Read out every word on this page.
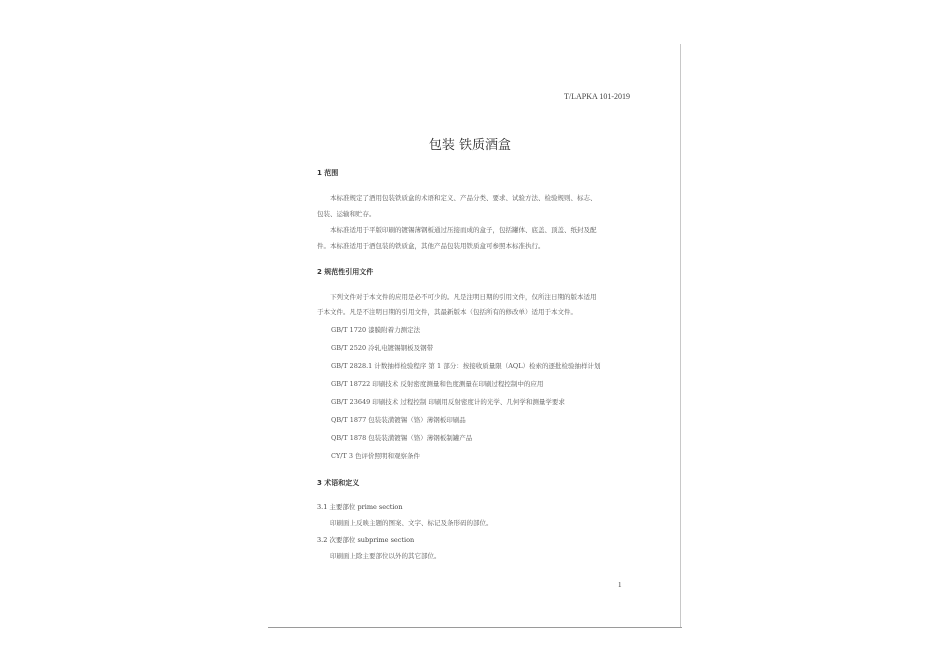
T/LAPKA 101-2019
包装 铁质酒盒
1 范围
本标准规定了酒用包装铁质盒的术语和定义、产品分类、要求、试验方法、检验规则、标志、
包装、运输和贮存。
本标准适用于平版印刷的镀锡薄钢板通过压接而成的盒子，包括罐体、底盖、顶盖、纸封及配
件。本标准适用于酒包装的铁质盒，其他产品包装用铁质盒可参照本标准执行。
2 规范性引用文件
下列文件对于本文件的应用是必不可少的。凡是注明日期的引用文件，仅所注日期的版本适用
于本文件。凡是不注明日期的引用文件，其最新版本（包括所有的修改单）适用于本文件。
GB/T 1720 漆膜附着力测定法
GB/T 2520 冷轧电镀锡钢板及钢带
GB/T 2828.1 计数抽样检验程序 第 1 部分：按接收质量限（AQL）检索的逐批检验抽样计划
GB/T 18722 印刷技术 反射密度测量和色度测量在印刷过程控制中的应用
GB/T 23649 印刷技术 过程控制 印刷用反射密度计的光学、几何学和测量学要求
QB/T 1877 包装装潢镀锡（铬）薄钢板印刷品
QB/T 1878 包装装潢镀锡（铬）薄钢板制罐产品
CY/T 3 色评价照明和观察条件
3 术语和定义
3.1 主要部位 prime section
印刷面上反映主题的图案、文字、标记及条形码的部位。
3.2 次要部位 subprime section
印刷面上除主要部位以外的其它部位。
1
